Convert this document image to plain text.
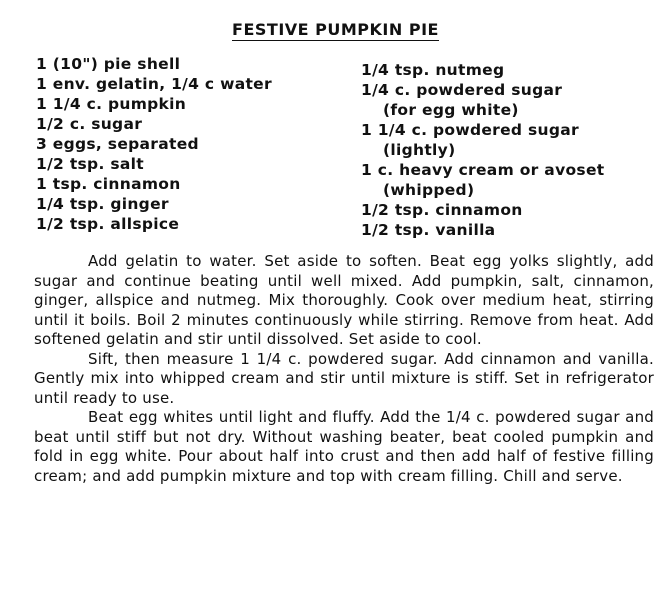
FESTIVE PUMPKIN PIE
1 (10") pie shell
1 env. gelatin, 1/4 c water
1 1/4 c. pumpkin
1/2 c. sugar
3 eggs, separated
1/2 tsp. salt
1 tsp. cinnamon
1/4 tsp. ginger
1/2 tsp. allspice
1/4 tsp. nutmeg
1/4 c. powdered sugar
(for egg white)
1 1/4 c. powdered sugar
(lightly)
1 c. heavy cream or avoset
(whipped)
1/2 tsp. cinnamon
1/2 tsp. vanilla

Add gelatin to water. Set aside to soften. Beat egg yolks slightly, add sugar and continue beating until well mixed. Add pumpkin, salt, cinnamon, ginger, allspice and nutmeg. Mix thoroughly. Cook over medium heat, stirring until it boils. Boil 2 minutes continuously while stirring. Remove from heat. Add softened gelatin and stir until dissolved. Set aside to cool.

Sift, then measure 1 1/4 c. powdered sugar. Add cinnamon and vanilla. Gently mix into whipped cream and stir until mixture is stiff. Set in refrigerator until ready to use.

Beat egg whites until light and fluffy. Add the 1/4 c. powdered sugar and beat until stiff but not dry. Without washing beater, beat cooled pumpkin and fold in egg white. Pour about half into crust and then add half of festive filling cream; and add pumpkin mixture and top with cream filling. Chill and serve.
